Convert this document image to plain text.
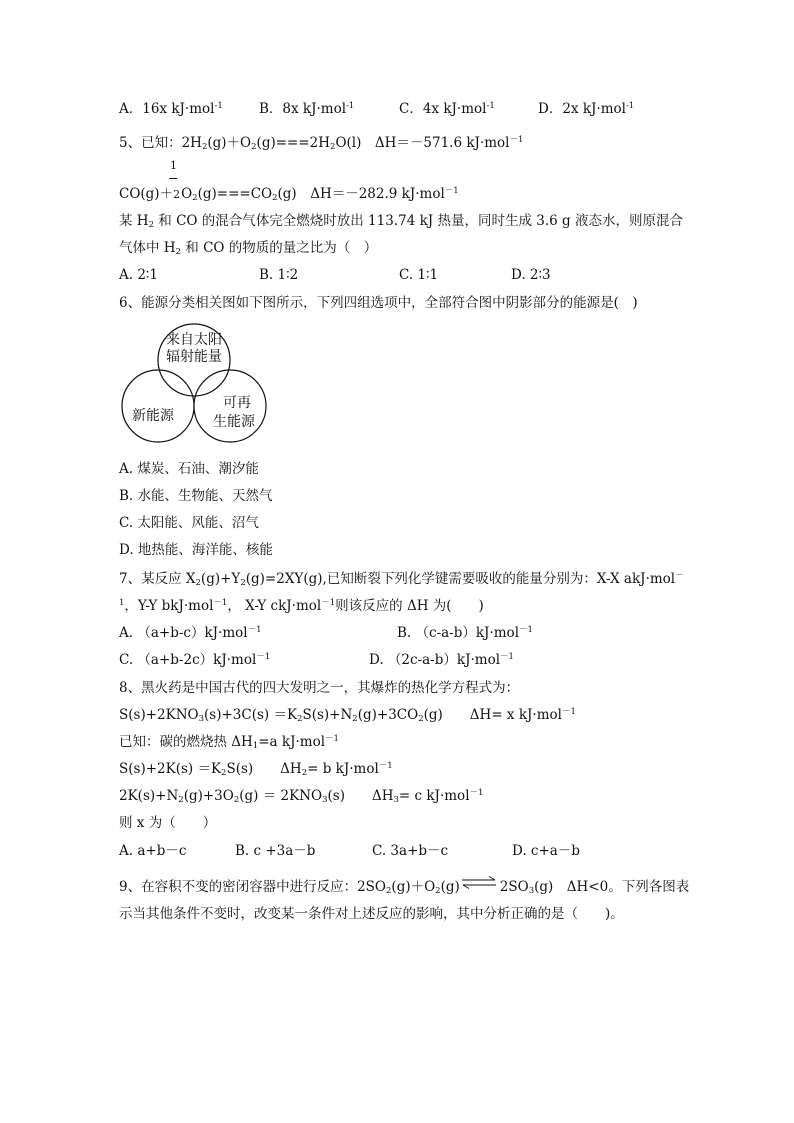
A．16x kJ·mol$^{-1}$	B．8x kJ·mol$^{-1}$	C．4x kJ·mol$^{-1}$	D．2x kJ·mol$^{-1}$
5、已知：$2H_2(g)+O_2(g)===2H_2O(l)$　ΔH＝－571.6 kJ·mol$^{-1}$
1
$CO(g)+2O_2(g)===CO_2(g)$　ΔH＝－282.9 kJ·mol$^{-1}$
某 $H_2$ 和 CO 的混合气体完全燃烧时放出 113.74 kJ 热量，同时生成 3.6 g 液态水，则原混合
气体中 $H_2$ 和 CO 的物质的量之比为（　）
A. 2∶1	B. 1∶2	C. 1∶1	D. 2∶3
6、能源分类相关图如下图所示，下列四组选项中，全部符合图中阴影部分的能源是(　)
来自太阳
辐射能量
新能源
可再
生能源
A. 煤炭、石油、潮汐能
B. 水能、生物能、天然气
C. 太阳能、风能、沼气
D. 地热能、海洋能、核能
7、某反应 $X_2(g)+Y_2(g)=2XY(g)$,已知断裂下列化学键需要吸收的能量分别为：X-X akJ·mol－
$^1$，Y-Y bkJ·mol$^{-1}$， X-Y ckJ·mol$^{-1}$则该反应的 ΔH 为(　　)
A. （a+b-c）kJ·mol$^{-1}$	B. （c-a-b）kJ·mol$^{-1}$
C. （a+b-2c）kJ·mol$^{-1}$	D. （2c-a-b）kJ·mol$^{-1}$
8、黑火药是中国古代的四大发明之一，其爆炸的热化学方程式为：
$S(s)+2KNO_3(s)+3C(s) =K_2S(s)+N_2(g)+3CO_2(g)$　　ΔH= x kJ·mol$^{-1}$
已知：碳的燃烧热 $\Delta H_1=a$ kJ·mol$^{-1}$
$S(s)+2K(s) =K_2S(s)$　　$\Delta H_2= b$ kJ·mol$^{-1}$
$2K(s)+N_2(g)+3O_2(g) = 2KNO_3(s)$　　$\Delta H_3= c$ kJ·mol$^{-1}$
则 x 为（　　）
A. a+b－c	B. c +3a－b	C. 3a+b－c	D. c+a－b
9、在容积不变的密闭容器中进行反应：$2SO_2(g)+O_2(g)$	$2SO_3(g)$　ΔH<0。下列各图表
示当其他条件不变时，改变某一条件对上述反应的影响，其中分析正确的是（　　)。
